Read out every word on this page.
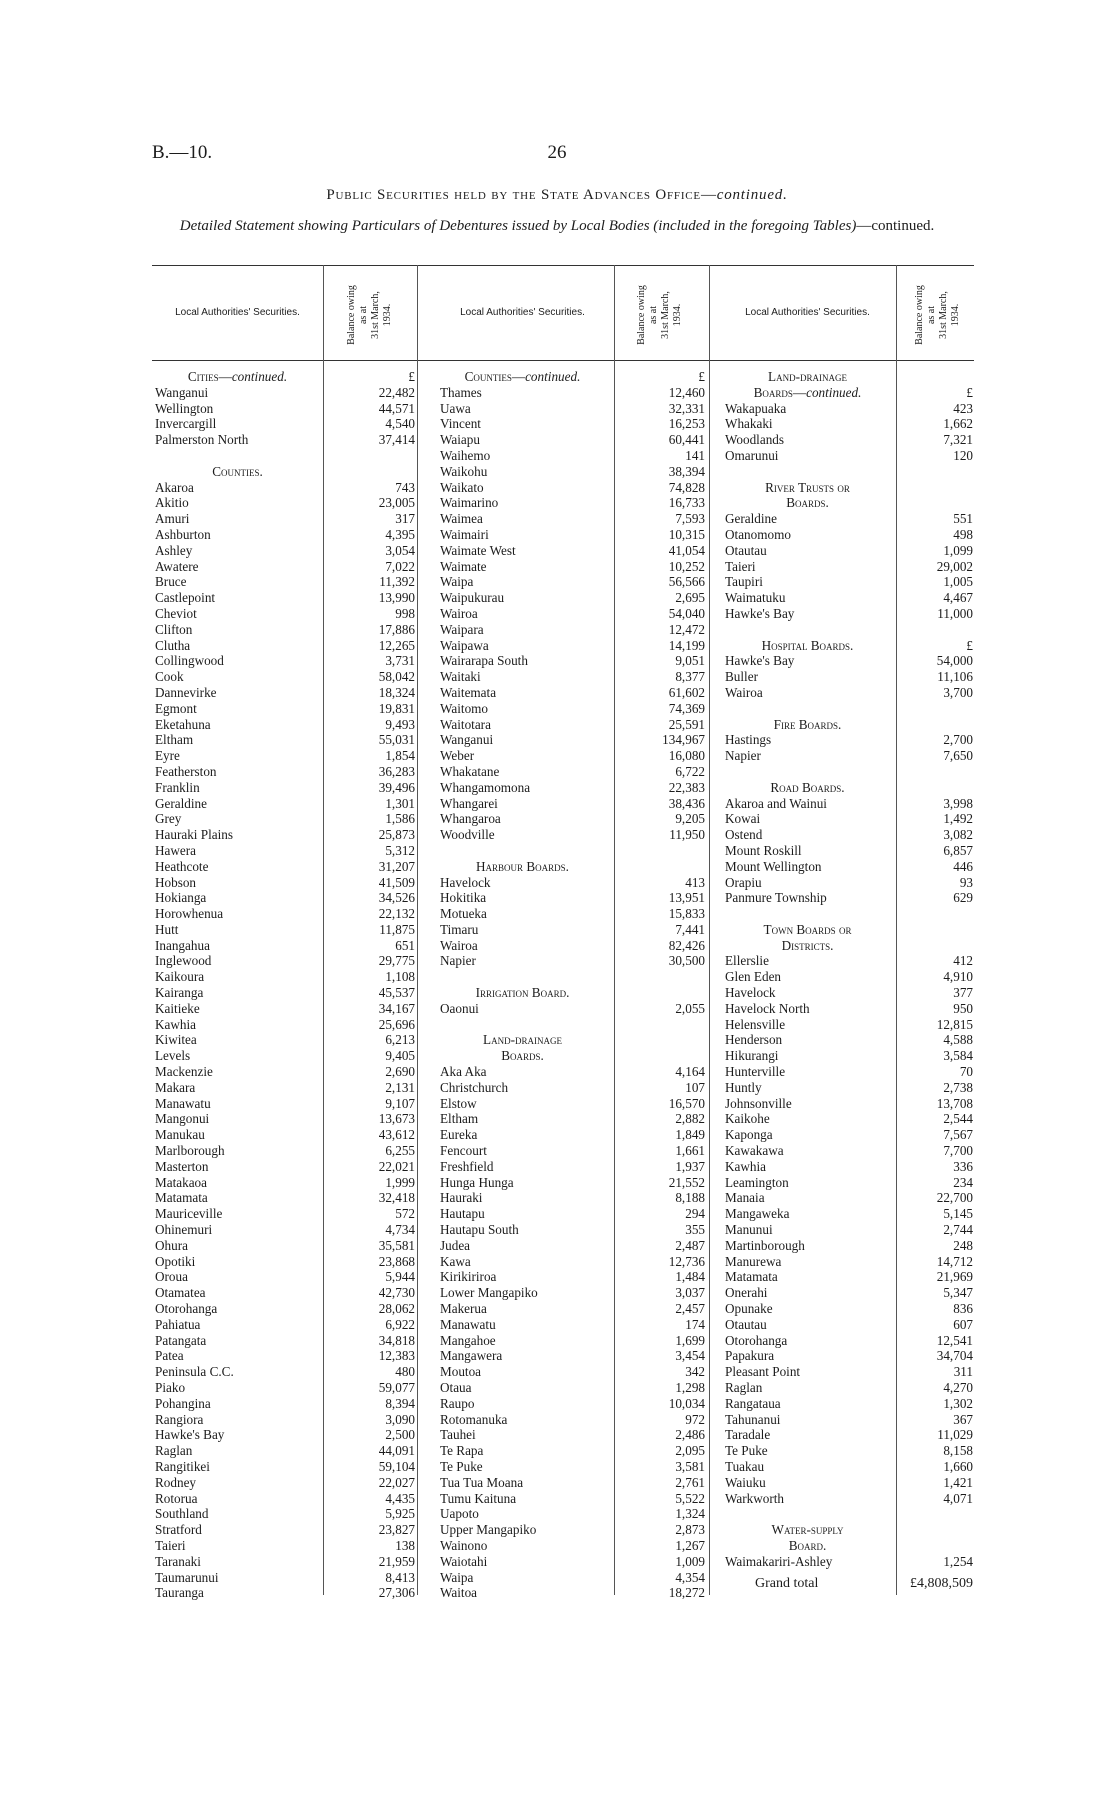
B.—10.	26
Public Securities held by the State Advances Office—continued.
Detailed Statement showing Particulars of Debentures issued by Local Bodies (included in the foregoing Tables)—continued.
Local Authorities' Securities.	Balance owing
as at
31st March,
1934.	Local Authorities' Securities.	Balance owing
as at
31st March,
1934.	Local Authorities' Securities.	Balance owing
as at
31st March,
1934.
Cities—continued.	£
Wanganui	22,482
Wellington	44,571
Invercargill	4,540
Palmerston North	37,414
Counties.
Akaroa	743
Akitio	23,005
Amuri	317
Ashburton	4,395
Ashley	3,054
Awatere	7,022
Bruce	11,392
Castlepoint	13,990
Cheviot	998
Clifton	17,886
Clutha	12,265
Collingwood	3,731
Cook	58,042
Dannevirke	18,324
Egmont	19,831
Eketahuna	9,493
Eltham	55,031
Eyre	1,854
Featherston	36,283
Franklin	39,496
Geraldine	1,301
Grey	1,586
Hauraki Plains	25,873
Hawera	5,312
Heathcote	31,207
Hobson	41,509
Hokianga	34,526
Horowhenua	22,132
Hutt	11,875
Inangahua	651
Inglewood	29,775
Kaikoura	1,108
Kairanga	45,537
Kaitieke	34,167
Kawhia	25,696
Kiwitea	6,213
Levels	9,405
Mackenzie	2,690
Makara	2,131
Manawatu	9,107
Mangonui	13,673
Manukau	43,612
Marlborough	6,255
Masterton	22,021
Matakaoa	1,999
Matamata	32,418
Mauriceville	572
Ohinemuri	4,734
Ohura	35,581
Opotiki	23,868
Oroua	5,944
Otamatea	42,730
Otorohanga	28,062
Pahiatua	6,922
Patangata	34,818
Patea	12,383
Peninsula C.C.	480
Piako	59,077
Pohangina	8,394
Rangiora	3,090
Hawke's Bay	2,500
Raglan	44,091
Rangitikei	59,104
Rodney	22,027
Rotorua	4,435
Southland	5,925
Stratford	23,827
Taieri	138
Taranaki	21,959
Taumarunui	8,413
Tauranga	27,306
Counties—continued.	£
Thames	12,460
Uawa	32,331
Vincent	16,253
Waiapu	60,441
Waihemo	141
Waikohu	38,394
Waikato	74,828
Waimarino	16,733
Waimea	7,593
Waimairi	10,315
Waimate West	41,054
Waimate	10,252
Waipa	56,566
Waipukurau	2,695
Wairoa	54,040
Waipara	12,472
Waipawa	14,199
Wairarapa South	9,051
Waitaki	8,377
Waitemata	61,602
Waitomo	74,369
Waitotara	25,591
Wanganui	134,967
Weber	16,080
Whakatane	6,722
Whangamomona	22,383
Whangarei	38,436
Whangaroa	9,205
Woodville	11,950
Harbour Boards.
Havelock	413
Hokitika	13,951
Motueka	15,833
Timaru	7,441
Wairoa	82,426
Napier	30,500
Irrigation Board.
Oaonui	2,055
Land-drainage
Boards.
Aka Aka	4,164
Christchurch	107
Elstow	16,570
Eltham	2,882
Eureka	1,849
Fencourt	1,661
Freshfield	1,937
Hunga Hunga	21,552
Hauraki	8,188
Hautapu	294
Hautapu South	355
Judea	2,487
Kawa	12,736
Kirikiriroa	1,484
Lower Mangapiko	3,037
Makerua	2,457
Manawatu	174
Mangahoe	1,699
Mangawera	3,454
Moutoa	342
Otaua	1,298
Raupo	10,034
Rotomanuka	972
Tauhei	2,486
Te Rapa	2,095
Te Puke	3,581
Tua Tua Moana	2,761
Tumu Kaituna	5,522
Uapoto	1,324
Upper Mangapiko	2,873
Wainono	1,267
Waiotahi	1,009
Waipa	4,354
Waitoa	18,272
Land-drainage
Boards—continued.	£
Wakapuaka	423
Whakaki	1,662
Woodlands	7,321
Omarunui	120
River Trusts or
Boards.
Geraldine	551
Otanomomo	498
Otautau	1,099
Taieri	29,002
Taupiri	1,005
Waimatuku	4,467
Hawke's Bay	11,000
Hospital Boards.	£
Hawke's Bay	54,000
Buller	11,106
Wairoa	3,700
Fire Boards.
Hastings	2,700
Napier	7,650
Road Boards.
Akaroa and Wainui	3,998
Kowai	1,492
Ostend	3,082
Mount Roskill	6,857
Mount Wellington	446
Orapiu	93
Panmure Township	629
Town Boards or
Districts.
Ellerslie	412
Glen Eden	4,910
Havelock	377
Havelock North	950
Helensville	12,815
Henderson	4,588
Hikurangi	3,584
Hunterville	70
Huntly	2,738
Johnsonville	13,708
Kaikohe	2,544
Kaponga	7,567
Kawakawa	7,700
Kawhia	336
Leamington	234
Manaia	22,700
Mangaweka	5,145
Manunui	2,744
Martinborough	248
Manurewa	14,712
Matamata	21,969
Onerahi	5,347
Opunake	836
Otautau	607
Otorohanga	12,541
Papakura	34,704
Pleasant Point	311
Raglan	4,270
Rangataua	1,302
Tahunanui	367
Taradale	11,029
Te Puke	8,158
Tuakau	1,660
Waiuku	1,421
Warkworth	4,071
Water-supply
Board.
Waimakariri-Ashley	1,254
Grand total	£4,808,509
